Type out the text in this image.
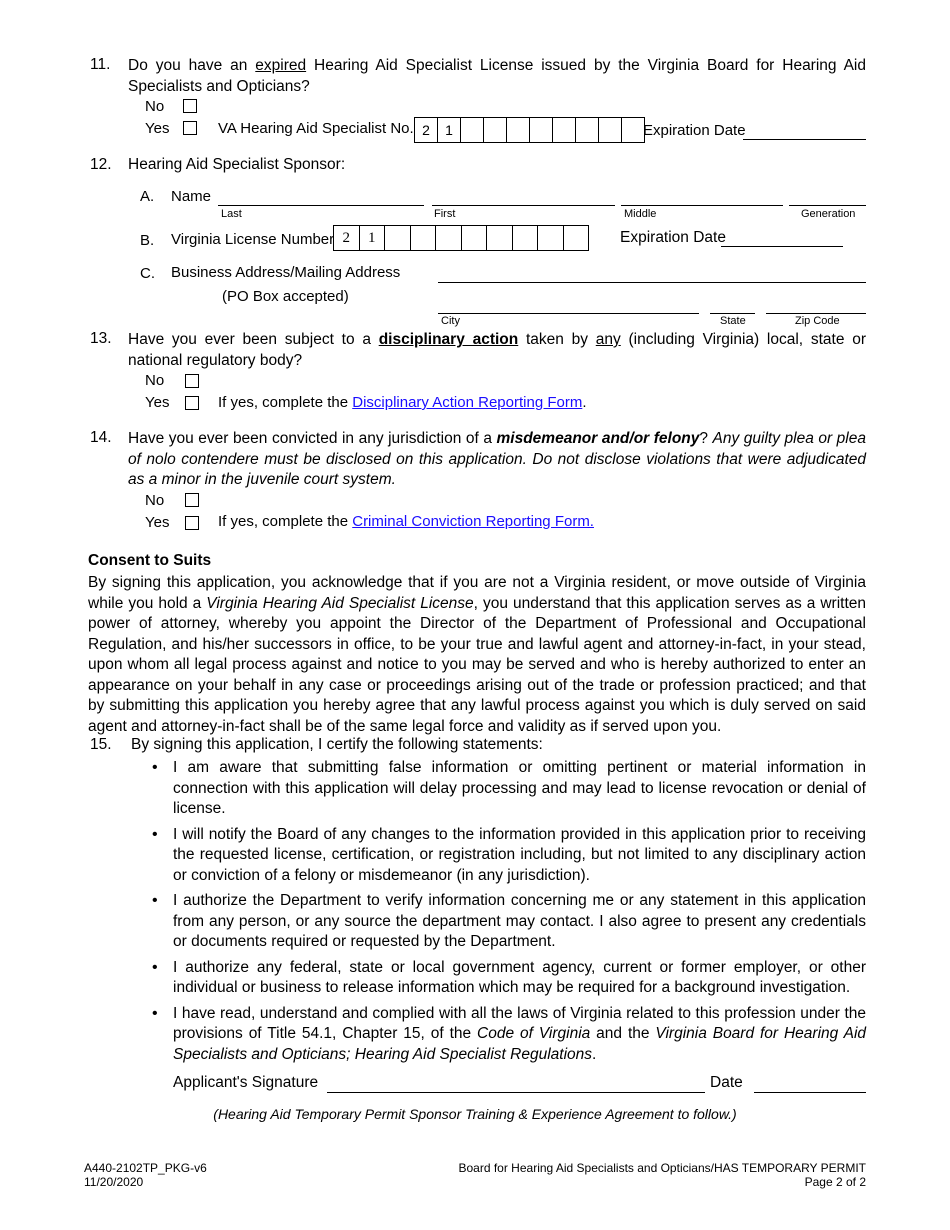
11. Do you have an expired Hearing Aid Specialist License issued by the Virginia Board for Hearing Aid Specialists and Opticians?
No
Yes	VA Hearing Aid Specialist No. 2	1	Expiration Date
12. Hearing Aid Specialist Sponsor:
A. Name
Last	First	Middle	Generation
B. Virginia License Number 2	1	Expiration Date
C. Business Address/Mailing Address
(PO Box accepted)
City	State	Zip Code
13. Have you ever been subject to a disciplinary action taken by any (including Virginia) local, state or national regulatory body?
No
Yes	If yes, complete the Disciplinary Action Reporting Form.
14. Have you ever been convicted in any jurisdiction of a misdemeanor and/or felony? Any guilty plea or plea of nolo contendere must be disclosed on this application. Do not disclose violations that were adjudicated as a minor in the juvenile court system.
No
Yes	If yes, complete the Criminal Conviction Reporting Form.
Consent to Suits
By signing this application, you acknowledge that if you are not a Virginia resident, or move outside of Virginia while you hold a Virginia Hearing Aid Specialist License, you understand that this application serves as a written power of attorney, whereby you appoint the Director of the Department of Professional and Occupational Regulation, and his/her successors in office, to be your true and lawful agent and attorney-in-fact, in your stead, upon whom all legal process against and notice to you may be served and who is hereby authorized to enter an appearance on your behalf in any case or proceedings arising out of the trade or profession practiced; and that by submitting this application you hereby agree that any lawful process against you which is duly served on said agent and attorney-in-fact shall be of the same legal force and validity as if served upon you.
15. By signing this application, I certify the following statements:
• I am aware that submitting false information or omitting pertinent or material information in connection with this application will delay processing and may lead to license revocation or denial of license.
• I will notify the Board of any changes to the information provided in this application prior to receiving the requested license, certification, or registration including, but not limited to any disciplinary action or conviction of a felony or misdemeanor (in any jurisdiction).
• I authorize the Department to verify information concerning me or any statement in this application from any person, or any source the department may contact. I also agree to present any credentials or documents required or requested by the Department.
• I authorize any federal, state or local government agency, current or former employer, or other individual or business to release information which may be required for a background investigation.
• I have read, understand and complied with all the laws of Virginia related to this profession under the provisions of Title 54.1, Chapter 15, of the Code of Virginia and the Virginia Board for Hearing Aid Specialists and Opticians; Hearing Aid Specialist Regulations.
Applicant's Signature	Date
(Hearing Aid Temporary Permit Sponsor Training & Experience Agreement to follow.)
A440-2102TP_PKG-v6
11/20/2020
Board for Hearing Aid Specialists and Opticians/HAS TEMPORARY PERMIT
Page 2 of 2
